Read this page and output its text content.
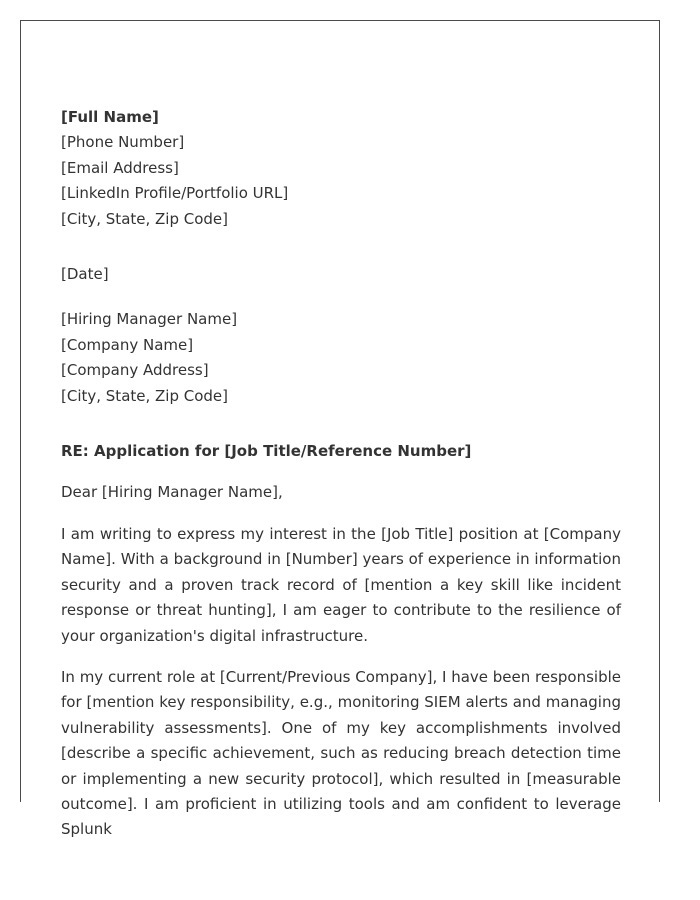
[Full Name]
[Phone Number]
[Email Address]
[LinkedIn Profile/Portfolio URL]
[City, State, Zip Code]
[Date]
[Hiring Manager Name]
[Company Name]
[Company Address]
[City, State, Zip Code]
RE: Application for [Job Title/Reference Number]
Dear [Hiring Manager Name],

I am writing to express my interest in the [Job Title] position at [Company Name]. With a background in [Number] years of experience in information security and a proven track record of [mention a key skill like incident response or threat hunting], I am eager to contribute to the resilience of your organization's digital infrastructure.

In my current role at [Current/Previous Company], I have been responsible for [mention key responsibility, e.g., monitoring SIEM alerts and managing vulnerability assessments]. One of my key accomplishments involved [describe a specific achievement, such as reducing breach detection time or implementing a new security protocol], which resulted in [measurable outcome]. I am proficient in utilizing tools and am confident to leverage Splunk
